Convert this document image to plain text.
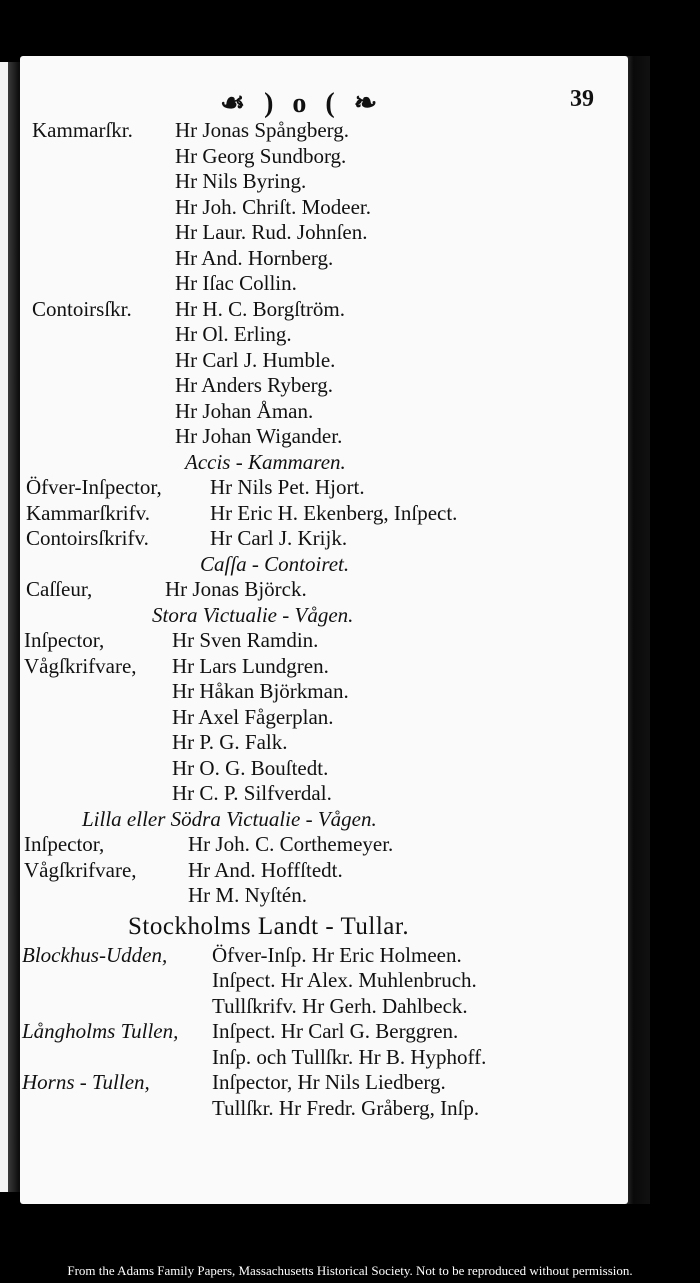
☙ ) o ( ❧	39
Kammarſkr. Hr Jonas Spångberg.
Hr Georg Sundborg.
Hr Nils Byring.
Hr Joh. Chriſt. Modeer.
Hr Laur. Rud. Johnſen.
Hr And. Hornberg.
Hr Iſac Collin.
Contoirsſkr. Hr H. C. Borgſtröm.
Hr Ol. Erling.
Hr Carl J. Humble.
Hr Anders Ryberg.
Hr Johan Åman.
Hr Johan Wigander.
Accis - Kammaren.
Öfver-Inſpector, Hr Nils Pet. Hjort.
Kammarſkrifv.	Hr Eric H. Ekenberg, Inſpect.
Contoirsſkrifv.	Hr Carl J. Krijk.
Caſſa - Contoiret.
Caſſeur,	Hr Jonas Björck.
Stora Victualie - Vågen.
Inſpector,	Hr Sven Ramdin.
Vågſkrifvare, Hr Lars Lundgren.
Hr Håkan Björkman.
Hr Axel Fågerplan.
Hr P. G. Falk.
Hr O. G. Bouſtedt.
Hr C. P. Silfverdal.
Lilla eller Södra Victualie - Vågen.
Inſpector,	Hr Joh. C. Corthemeyer.
Vågſkrifvare, Hr And. Hoffſtedt.
Hr M. Nyſtén.
Stockholms Landt - Tullar.
Blockhus-Udden, Öfver-Inſp. Hr Eric Holmeen.
Inſpect. Hr Alex. Muhlenbruch.
Tullſkrifv. Hr Gerh. Dahlbeck.
Långholms Tullen, Inſpect. Hr Carl G. Berggren.
Inſp. och Tullſkr. Hr B. Hyphoff.
Horns - Tullen,	Inſpector, Hr Nils Liedberg.
Tullſkr. Hr Fredr. Gråberg, Inſp.
From the Adams Family Papers, Massachusetts Historical Society. Not to be reproduced without permission.
